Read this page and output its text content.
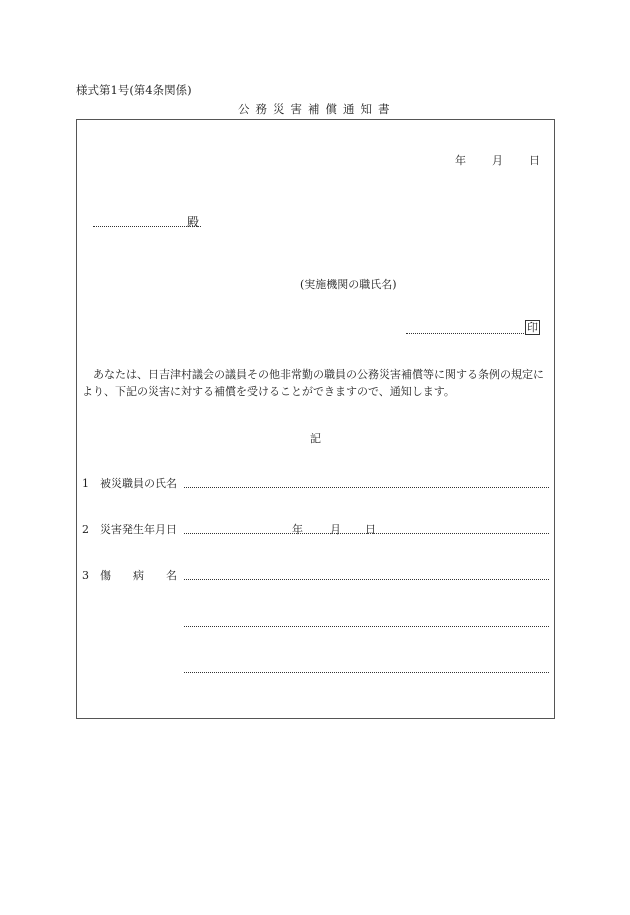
様式第1号(第4条関係)
公務災害補償通知書
年 月 日
殿
(実施機関の職氏名)
印
　あなたは、日吉津村議会の議員その他非常勤の職員の公務災害補償等に関する条例の規定により、下記の災害に対する補償を受けることができますので、通知します。
記
1 被災職員の氏名
2 災害発生年月日	年 月 日
3 傷　　病　　名
